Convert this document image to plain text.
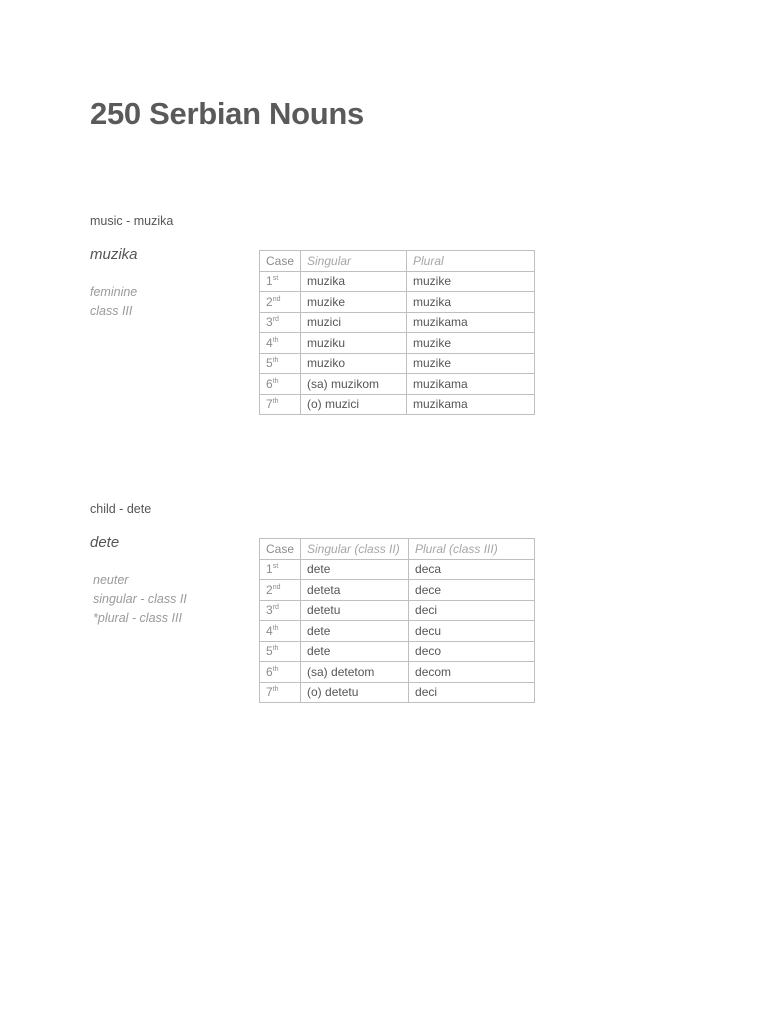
250 Serbian Nouns
music - muzika
muzika
feminine
class III
Case	Singular	Plural
1st	muzika	muzike
2nd	muzike	muzika
3rd	muzici	muzikama
4th	muziku	muzike
5th	muziko	muzike
6th	(sa) muzikom	muzikama
7th	(o) muzici	muzikama
child - dete
dete
neuter
singular - class II
*plural - class III
Case	Singular (class II)	Plural (class III)
1st	dete	deca
2nd	deteta	dece
3rd	detetu	deci
4th	dete	decu
5th	dete	deco
6th	(sa) detetom	decom
7th	(o) detetu	deci
